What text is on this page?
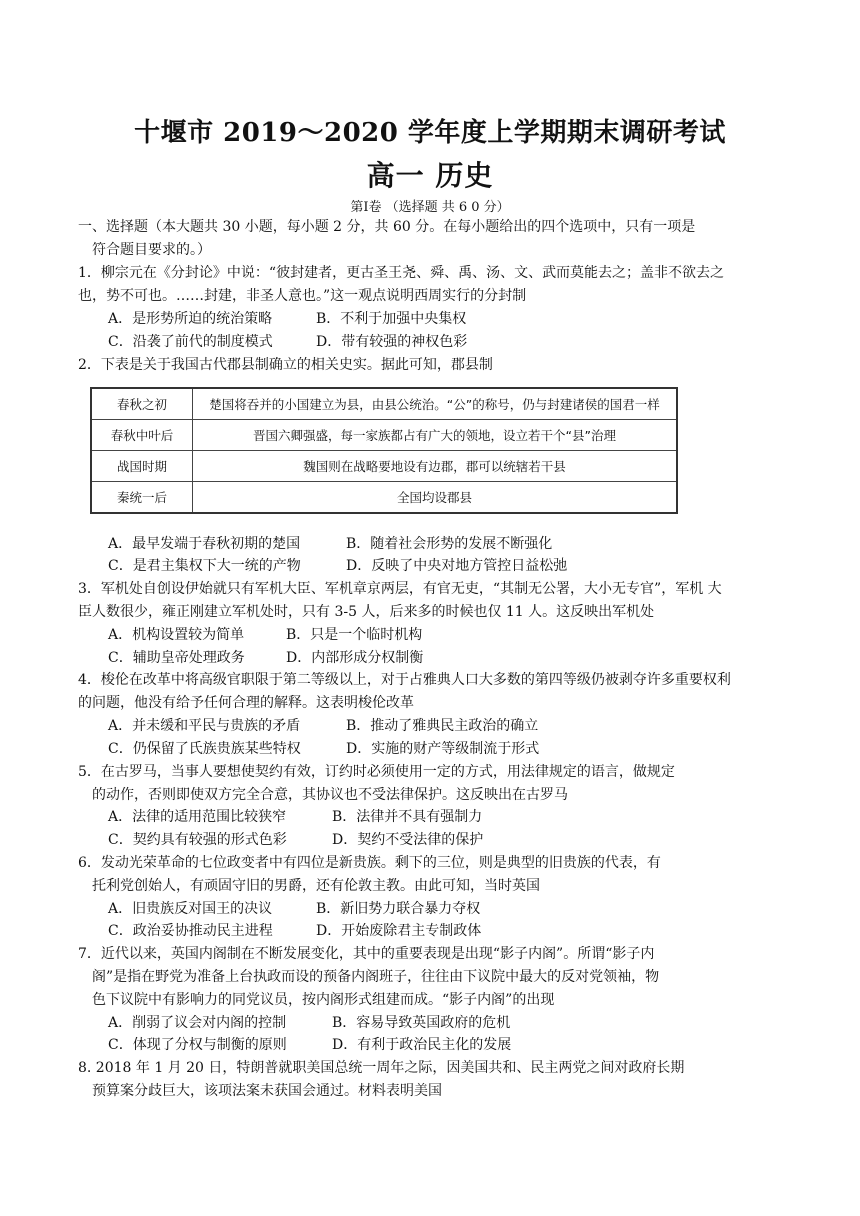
十堰市 2019～2020 学年度上学期期末调研考试
高一 历史
第Ⅰ卷 （选择题 共 6 0 分）
一、选择题（本大题共 30 小题，每小题 2 分，共 60 分。在每小题给出的四个选项中，只有一项是
符合题目要求的。）
1．柳宗元在《分封论》中说：“彼封建者，更古圣王尧、舜、禹、汤、文、武而莫能去之；盖非不欲去之
也，势不可也。……封建，非圣人意也。”这一观点说明西周实行的分封制
A．是形势所迫的统治策略	B．不利于加强中央集权
C．沿袭了前代的制度模式	D．带有较强的神权色彩
2．下表是关于我国古代郡县制确立的相关史实。据此可知，郡县制
春秋之初	楚国将吞并的小国建立为县，由县公统治。“公”的称号，仍与封建诸侯的国君一样
春秋中叶后	晋国六卿强盛，每一家族都占有广大的领地，设立若干个“县”治理
战国时期	魏国则在战略要地设有边郡，郡可以统辖若干县
秦统一后	全国均设郡县
A．最早发端于春秋初期的楚国	B．随着社会形势的发展不断强化
C．是君主集权下大一统的产物	D．反映了中央对地方管控日益松弛
3．军机处自创设伊始就只有军机大臣、军机章京两层，有官无吏，“其制无公署，大小无专官”，军机 大
臣人数很少，雍正刚建立军机处时，只有 3-5 人，后来多的时候也仅 11 人。这反映出军机处
A．机构设置较为简单	B．只是一个临时机构
C．辅助皇帝处理政务	D．内部形成分权制衡
4．梭伦在改革中将高级官职限于第二等级以上，对于占雅典人口大多数的第四等级仍被剥夺许多重要权利
的问题，他没有给予任何合理的解释。这表明梭伦改革
A．并未缓和平民与贵族的矛盾	B．推动了雅典民主政治的确立
C．仍保留了氏族贵族某些特权	D．实施的财产等级制流于形式
5．在古罗马，当事人要想使契约有效，订约时必须使用一定的方式，用法律规定的语言，做规定
的动作，否则即使双方完全合意，其协议也不受法律保护。这反映出在古罗马
A．法律的适用范围比较狭窄	B．法律并不具有强制力
C．契约具有较强的形式色彩	D．契约不受法律的保护
6．发动光荣革命的七位政变者中有四位是新贵族。剩下的三位，则是典型的旧贵族的代表，有
托利党创始人，有顽固守旧的男爵，还有伦敦主教。由此可知，当时英国
A．旧贵族反对国王的决议	B．新旧势力联合暴力夺权
C．政治妥协推动民主进程	D．开始废除君主专制政体
7．近代以来，英国内阁制在不断发展变化，其中的重要表现是出现“影子内阁”。所谓“影子内
阁”是指在野党为准备上台执政而设的预备内阁班子，往往由下议院中最大的反对党领袖，物
色下议院中有影响力的同党议员，按内阁形式组建而成。“影子内阁”的出现
A．削弱了议会对内阁的控制	B．容易导致英国政府的危机
C．体现了分权与制衡的原则	D．有利于政治民主化的发展
8. 2018 年 1 月 20 日，特朗普就职美国总统一周年之际，因美国共和、民主两党之间对政府长期
预算案分歧巨大，该项法案未获国会通过。材料表明美国
